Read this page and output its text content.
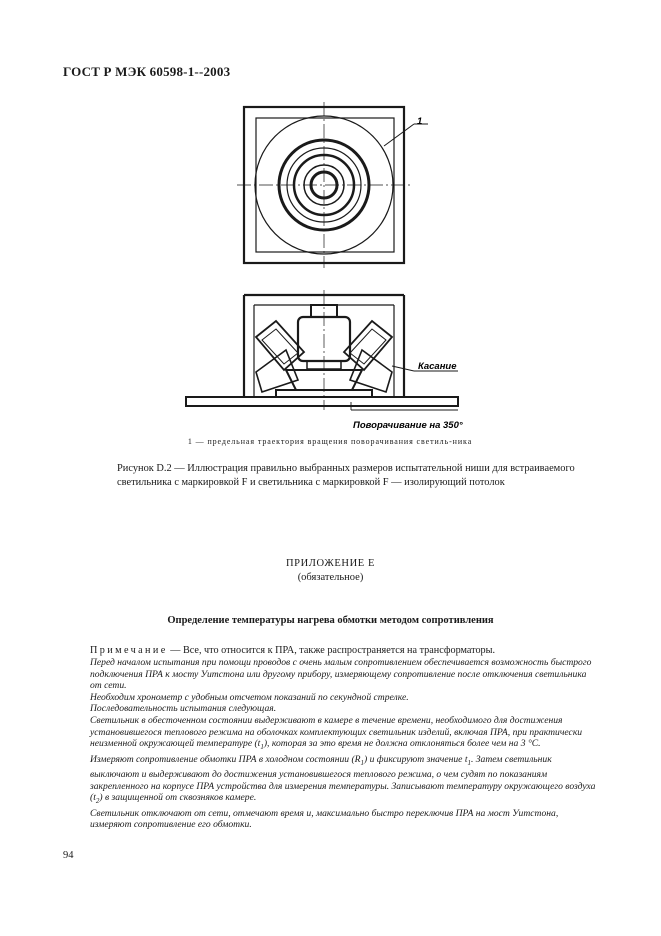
ГОСТ Р МЭК 60598-1--2003
1
Касание
Поворачивание на 350°
1 — предельная траектория вращения поворачивания светиль-ника
Рисунок D.2 — Иллюстрация правильно выбранных размеров испытательной ниши для встраиваемого светильника с маркировкой F и светильника с маркировкой F — изолирующий потолок
ПРИЛОЖЕНИЕ Е
(обязательное)
Определение температуры нагрева обмотки методом сопротивления

Примечание — Все, что относится к ПРА, также распространяется на трансформаторы.

Перед началом испытания при помощи проводов с очень малым сопротивлением обеспечивается возможность быстрого подключения ПРА к мосту Уитстона или другому прибору, измеряющему сопротивление после отключения светильника от сети.

Необходим хронометр с удобным отсчетом показаний по секундной стрелке.

Последовательность испытания следующая.

Светильник в обесточенном состоянии выдерживают в камере в течение времени, необходимого для достижения установившегося теплового режима на оболочках комплектующих светильник изделий, включая ПРА, при практически неизменной окружающей температуре $(t_1)$, которая за это время не должна отклоняться более чем на 3 °С.

Измеряют сопротивление обмотки ПРА в холодном состоянии $(R_1)$ и фиксируют значение $t_1$. Затем светильник выключают и выдерживают до достижения установившегося теплового режима, о чем судят по показаниям закрепленного на корпусе ПРА устройства для измерения температуры. Записывают температуру окружающего воздуха $(t_2)$ в защищенной от сквозняков камере.

Светильник отключают от сети, отмечают время и, максимально быстро переключив ПРА на мост Уитстона, измеряют сопротивление его обмотки.

94
